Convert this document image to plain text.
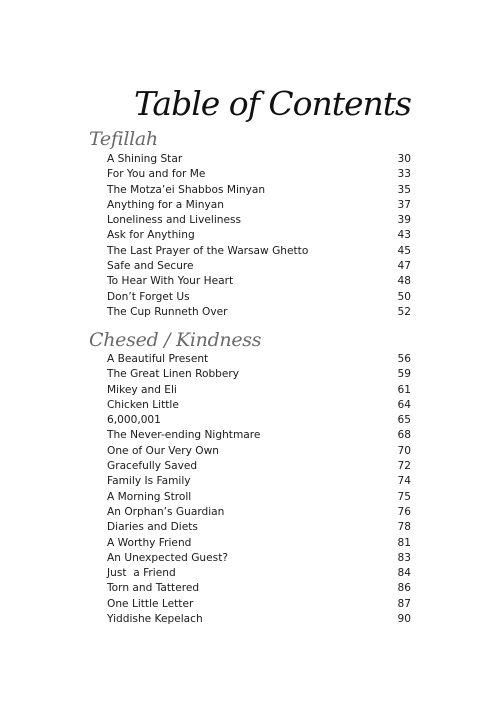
Table of Contents
Tefillah
A Shining Star	30
For You and for Me	33
The Motza’ei Shabbos Minyan	35
Anything for a Minyan	37
Loneliness and Liveliness	39
Ask for Anything	43
The Last Prayer of the Warsaw Ghetto	45
Safe and Secure	47
To Hear With Your Heart	48
Don’t Forget Us	50
The Cup Runneth Over	52
Chesed / Kindness
A Beautiful Present	56
The Great Linen Robbery	59
Mikey and Eli	61
Chicken Little	64
6,000,001	65
The Never-ending Nightmare	68
One of Our Very Own	70
Gracefully Saved	72
Family Is Family	74
A Morning Stroll	75
An Orphan’s Guardian	76
Diaries and Diets	78
A Worthy Friend	81
An Unexpected Guest?	83
Just  a Friend	84
Torn and Tattered	86
One Little Letter	87
Yiddishe Kepelach	90
